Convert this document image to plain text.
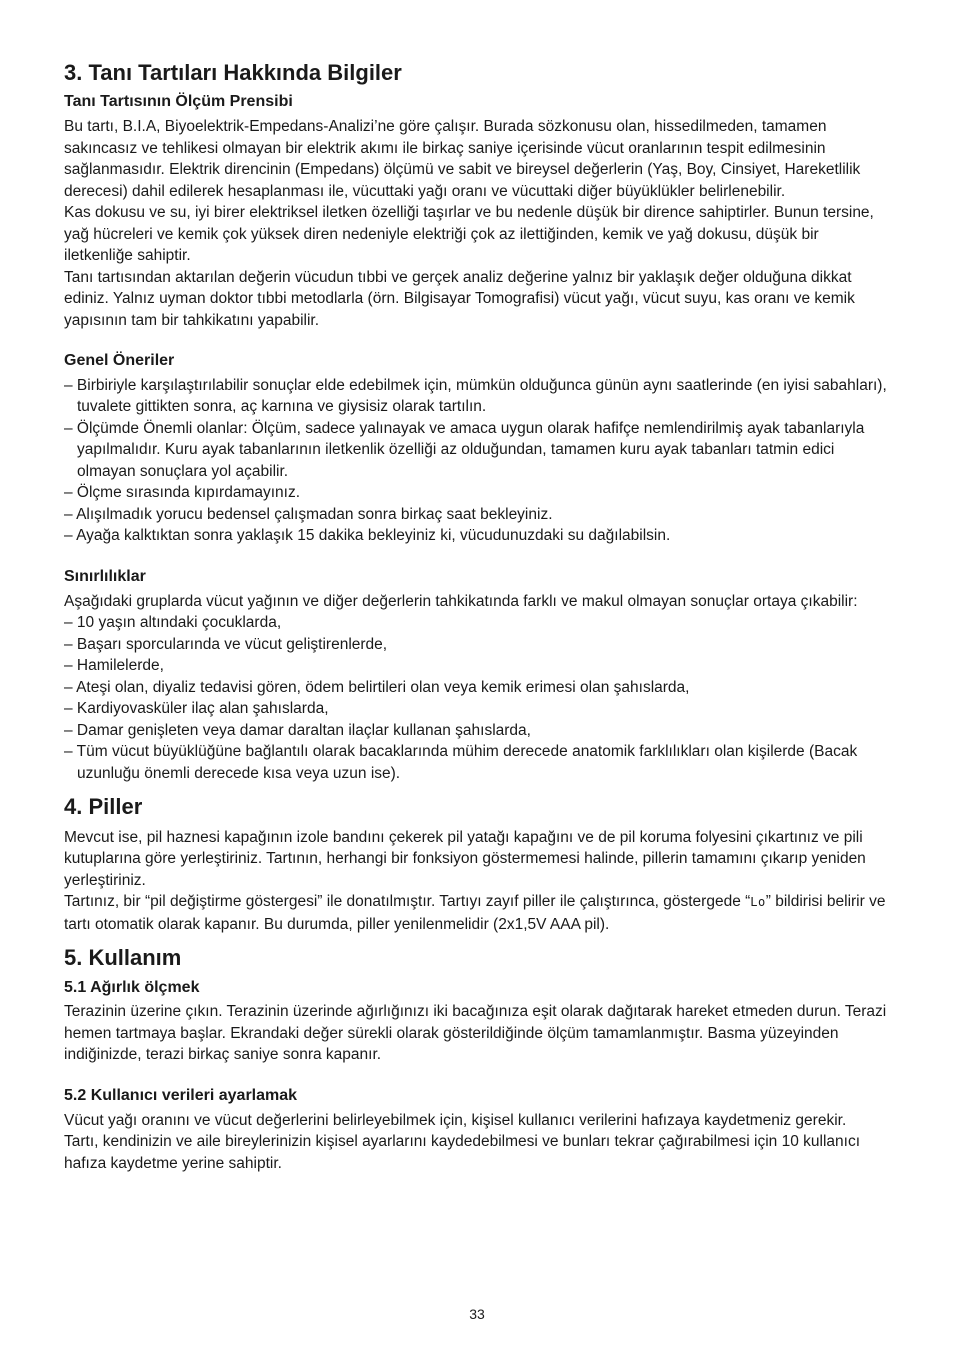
3. Tanı Tartıları Hakkında Bilgiler
Tanı Tartısının Ölçüm Prensibi

Bu tartı, B.I.A, Biyoelektrik-Empedans-Analizi’ne göre çalışır. Burada sözkonusu olan, hissedilmeden, tamamen sakıncasız ve tehlikesi olmayan bir elektrik akımı ile birkaç saniye içerisinde vücut oranlarının tespit edilmesinin sağlanmasıdır. Elektrik direncinin (Empedans) ölçümü ve sabit ve bireysel değerlerin (Yaş, Boy, Cinsiyet, Hareketlilik derecesi) dahil edilerek hesaplanması ile, vücuttaki yağı oranı ve vücuttaki diğer büyüklükler belirlenebilir.

Kas dokusu ve su, iyi birer elektriksel iletken özelliği taşırlar ve bu nedenle düşük bir dirence sahiptirler. Bunun tersine, yağ hücreleri ve kemik çok yüksek diren nedeniyle elektriği çok az ilettiğinden, kemik ve yağ dokusu, düşük bir iletkenliğe sahiptir.

Tanı tartısından aktarılan değerin vücudun tıbbi ve gerçek analiz değerine yalnız bir yaklaşık değer olduğuna dikkat ediniz. Yalnız uyman doktor tıbbi metodlarla (örn. Bilgisayar Tomografisi) vücut yağı, vücut suyu, kas oranı ve kemik yapısının tam bir tahkikatını yapabilir.

Genel Öneriler
– Birbiriyle karşılaştırılabilir sonuçlar elde edebilmek için, mümkün olduğunca günün aynı saatlerinde (en iyisi sabahları), tuvalete gittikten sonra, aç karnına ve giysisiz olarak tartılın.
– Ölçümde Önemli olanlar: Ölçüm, sadece yalınayak ve amaca uygun olarak hafifçe nemlendirilmiş ayak tabanlarıyla yapılmalıdır. Kuru ayak tabanlarının iletkenlik özelliği az olduğundan, tamamen kuru ayak tabanları tatmin edici olmayan sonuçlara yol açabilir.
– Ölçme sırasında kıpırdamayınız.
– Alışılmadık yorucu bedensel çalışmadan sonra birkaç saat bekleyiniz.
– Ayağa kalktıktan sonra yaklaşık 15 dakika bekleyiniz ki, vücudunuzdaki su dağılabilsin.
Sınırlılıklar

Aşağıdaki gruplarda vücut yağının ve diğer değerlerin tahkikatında farklı ve makul olmayan sonuçlar ortaya çıkabilir:

– 10 yaşın altındaki çocuklarda,
– Başarı sporcularında ve vücut geliştirenlerde,
– Hamilelerde,
– Ateşi olan, diyaliz tedavisi gören, ödem belirtileri olan veya kemik erimesi olan şahıslarda,
– Kardiyovasküler ilaç alan şahıslarda,
– Damar genişleten veya damar daraltan ilaçlar kullanan şahıslarda,
– Tüm vücut büyüklüğüne bağlantılı olarak bacaklarında mühim derecede anatomik farklılıkları olan kişilerde (Bacak uzunluğu önemli derecede kısa veya uzun ise).
4. Piller

Mevcut ise, pil haznesi kapağının izole bandını çekerek pil yatağı kapağını ve de pil koruma folyesini çıkartınız ve pili kutuplarına göre yerleştiriniz. Tartının, herhangi bir fonksiyon göstermemesi halinde, pillerin tamamını çıkarıp yeniden yerleştiriniz.

Tartınız, bir “pil değiştirme göstergesi” ile donatılmıştır. Tartıyı zayıf piller ile çalıştırınca, göstergede “Lo” bildirisi belirir ve tartı otomatik olarak kapanır. Bu durumda, piller yenilenmelidir (2x1,5V AAA pil).

5. Kullanım
5.1 Ağırlık ölçmek

Terazinin üzerine çıkın. Terazinin üzerinde ağırlığınızı iki bacağınıza eşit olarak dağıtarak hareket etmeden durun. Terazi hemen tartmaya başlar. Ekrandaki değer sürekli olarak gösterildiğinde ölçüm tamamlanmıştır. Basma yüzeyinden indiğinizde, terazi birkaç saniye sonra kapanır.

5.2 Kullanıcı verileri ayarlamak

Vücut yağı oranını ve vücut değerlerini belirleyebilmek için, kişisel kullanıcı verilerini hafızaya kaydetmeniz gerekir.

Tartı, kendinizin ve aile bireylerinizin kişisel ayarlarını kaydedebilmesi ve bunları tekrar çağırabilmesi için 10 kullanıcı hafıza kaydetme yerine sahiptir.

33
